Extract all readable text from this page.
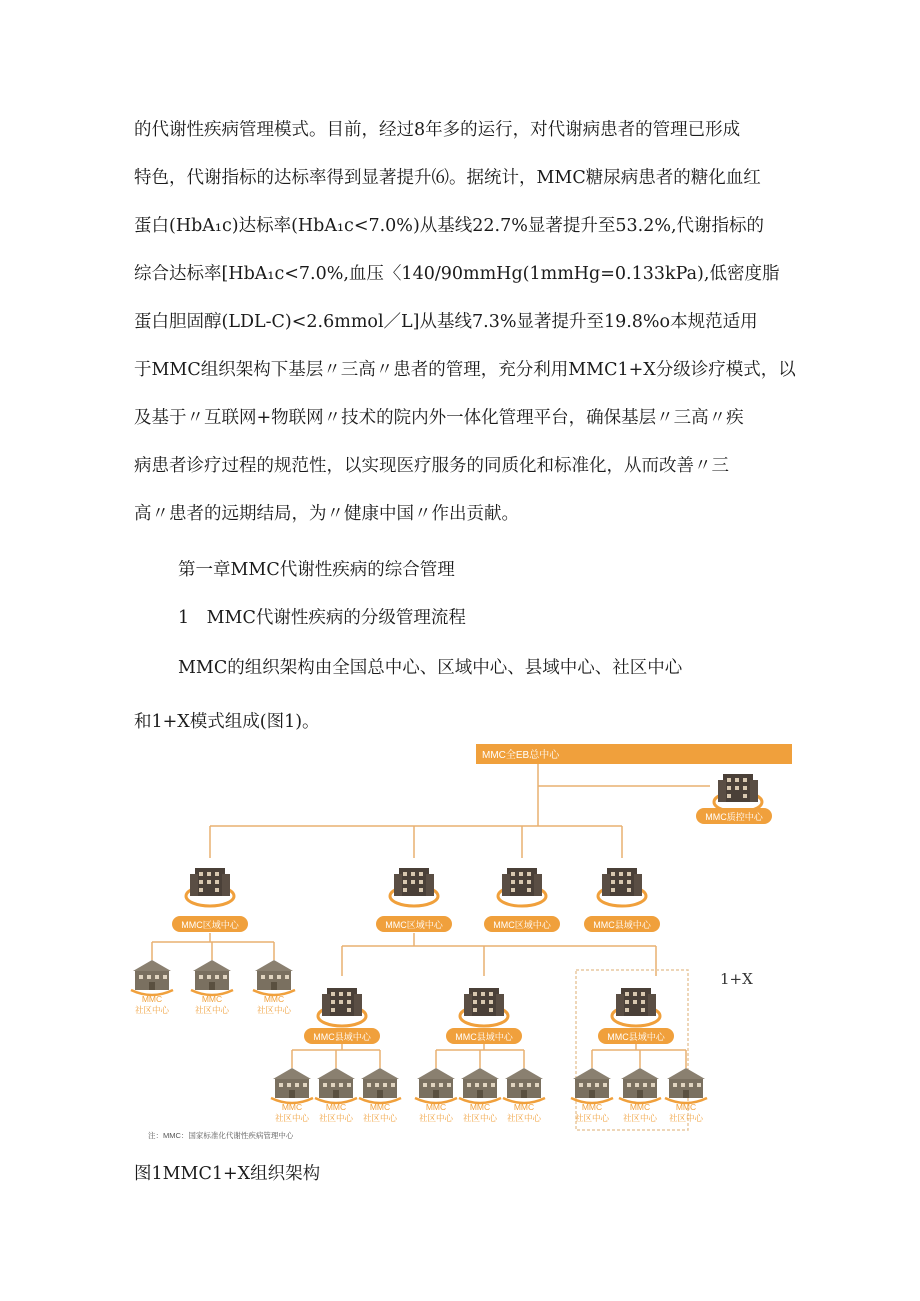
的代谢性疾病管理模式。目前，经过8年多的运行，对代谢病患者的管理已形成
特色，代谢指标的达标率得到显著提升⑹。据统计，MMC糖尿病患者的糖化血红
蛋白(HbA₁c)达标率(HbA₁c<7.0%)从基线22.7%显著提升至53.2%,代谢指标的
综合达标率[HbA₁c<7.0%,血压〈140/90mmHg(1mmHg=0.133kPa),低密度脂
蛋白胆固醇(LDL-C)<2.6mmol／L]从基线7.3%显著提升至19.8%o本规范适用
于MMC组织架构下基层〃三高〃患者的管理，充分利用MMC1+X分级诊疗模式，以
及基于〃互联网+物联网〃技术的院内外一体化管理平台，确保基层〃三高〃疾
病患者诊疗过程的规范性，以实现医疗服务的同质化和标准化，从而改善〃三
高〃患者的远期结局，为〃健康中国〃作出贡献。
第一章MMC代谢性疾病的综合管理
1　MMC代谢性疾病的分级管理流程
MMC的组织架构由全国总中心、区域中心、县域中心、社区中心
和1+X模式组成(图1)。
1+X
MMC全EB总中心
MMC质控中心
MMC区域中心	MMC区域中心	MMC区域中心	MMC县域中心
MMC
社区中心
MMC
社区中心
MMC
社区中心
MMC县域中心	MMC县域中心	MMC县域中心
MMC
社区中心
MMC
社区中心
MMC
社区中心
MMC
社区中心
MMC
社区中心
MMC
社区中心
MMC
社区中心
MMC
社区中心
MMC
社区中心
注：MMC：国家标准化代谢性疾病管理中心
图1MMC1+X组织架构
